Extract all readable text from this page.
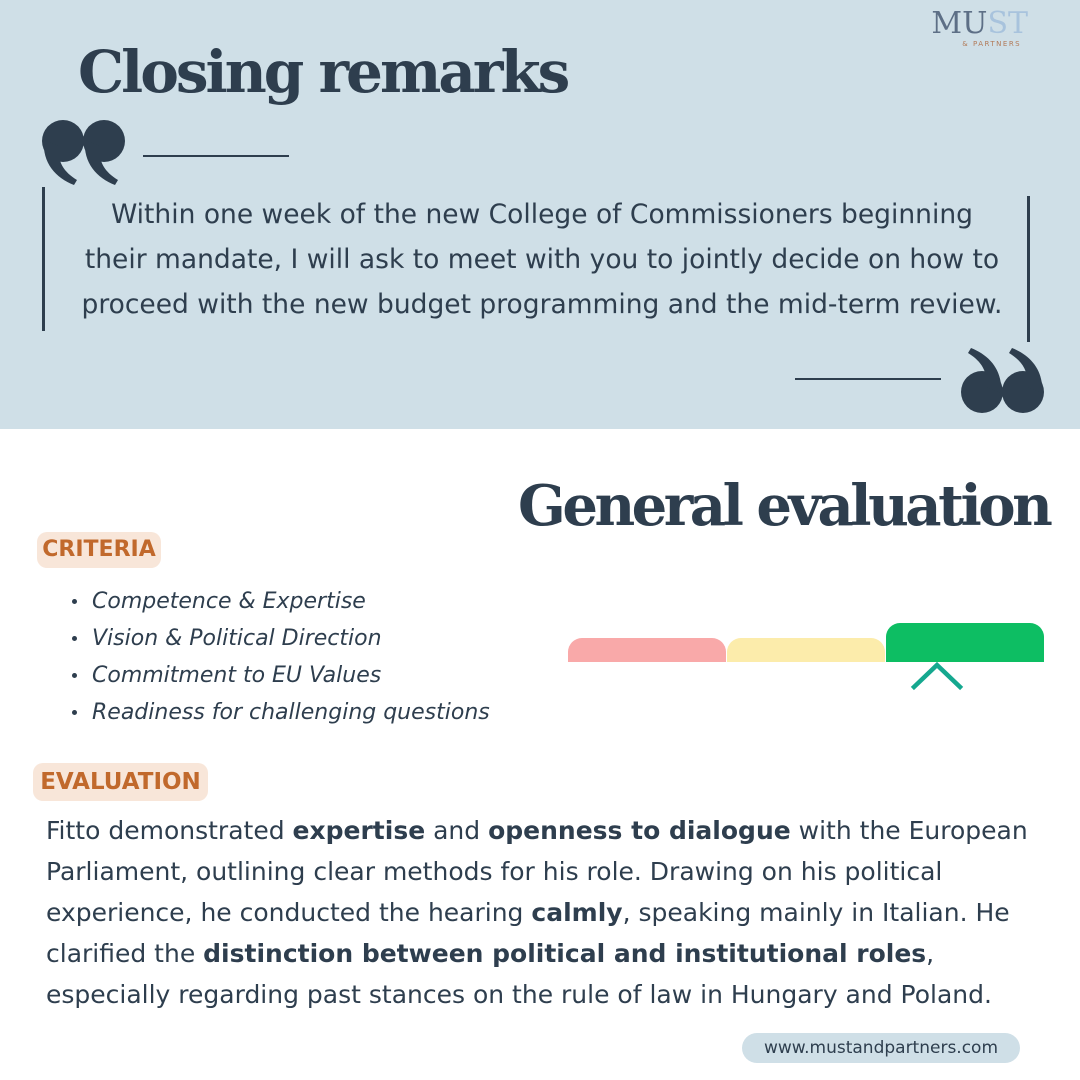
MUST
& PARTNERS
Closing remarks

Within one week of the new College of Commissioners beginning their mandate, I will ask to meet with you to jointly decide on how to proceed with the new budget programming and the mid-term review.

General evaluation
CRITERIA
Competence & Expertise
Vision & Political Direction
Commitment to EU Values
Readiness for challenging questions
EVALUATION

Fitto demonstrated expertise and openness to dialogue with the European Parliament, outlining clear methods for his role. Drawing on his political experience, he conducted the hearing calmly, speaking mainly in Italian. He clarified the distinction between political and institutional roles, especially regarding past stances on the rule of law in Hungary and Poland.

www.mustandpartners.com
